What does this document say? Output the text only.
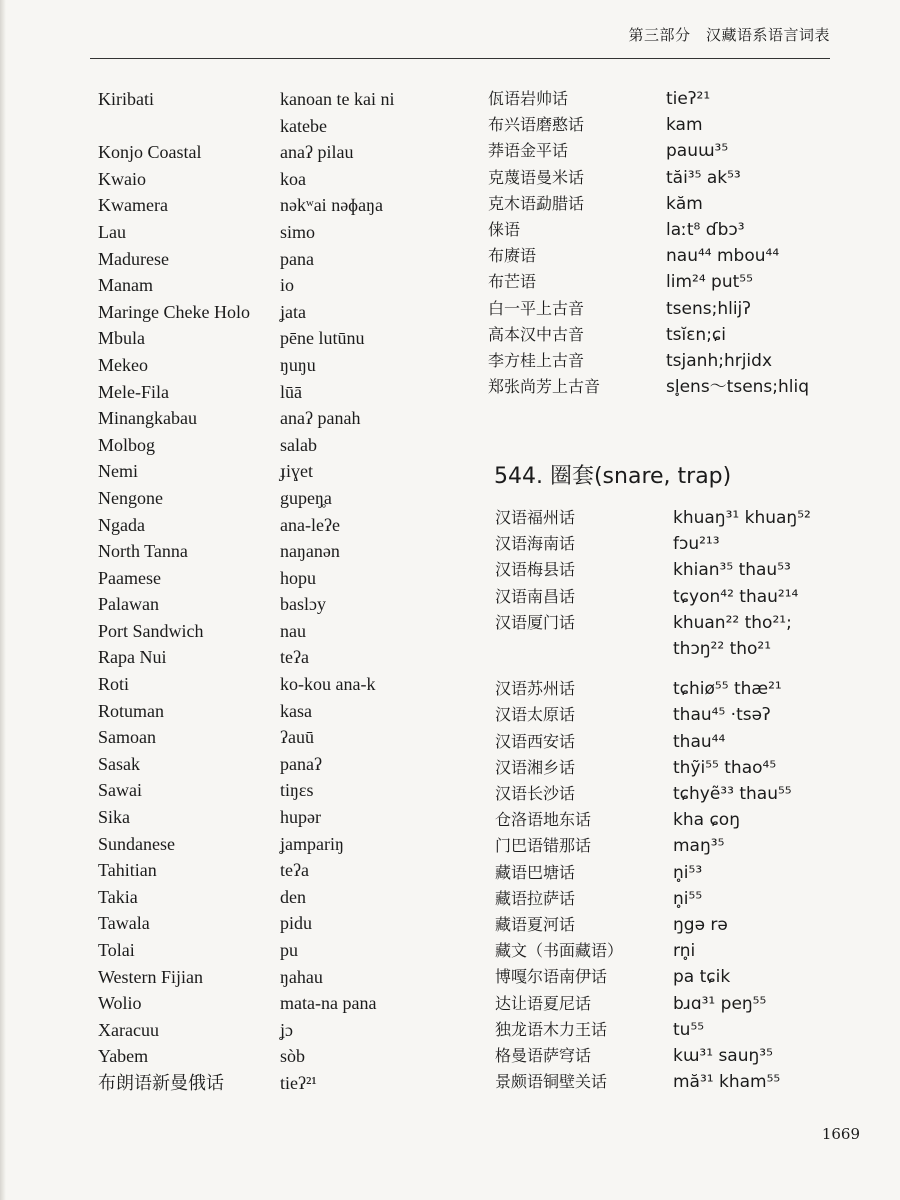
第三部分　汉藏语系语言词表
Kiribati	kanoan te kai ni
katebe
Konjo Coastal	anaʔ pilau
Kwaio	koa
Kwamera	nəkʷai nəɸaŋa
Lau	simo
Madurese	pana
Manam	io
Maringe Cheke Holo	ʝata
Mbula	pēne lutūnu
Mekeo	ŋuŋu
Mele-Fila	lūā
Minangkabau	anaʔ panah
Molbog	salab
Nemi	ɟiɣet
Nengone	gupeŋ̥a
Ngada	ana-leʔe
North Tanna	naŋanən
Paamese	hopu
Palawan	baslɔy
Port Sandwich	nau
Rapa Nui	teʔa
Roti	ko-kou ana-k
Rotuman	kasa
Samoan	ʔauū
Sasak	panaʔ
Sawai	tiŋɛs
Sika	hupər
Sundanese	ʝampariŋ
Tahitian	teʔa
Takia	den
Tawala	pidu
Tolai	pu
Western Fijian	ŋahau
Wolio	mata-na pana
Xaracuu	ʝɔ
Yabem	sòb
布朗语新曼俄话	tieʔ²¹
佤语岩帅话	tieʔ²¹
布兴语磨憨话	kam
莽语金平话	pauɯ³⁵
克蔑语曼米话	tăi³⁵ ak⁵³
克木语勐腊话	kăm
俫语	laːt⁸ ɗbɔ³
布赓语	nau⁴⁴ mbou⁴⁴
布芒语	lim²⁴ put⁵⁵
白一平上古音	tsens;hlijʔ
高本汉中古音	tsĭɛn;ɕi
李方桂上古音	tsjanh;hrjidx
郑张尚芳上古音	sl̥ens～tsens;hliq
544. 圈套(snare, trap)
汉语福州话	khuaŋ³¹ khuaŋ⁵²
汉语海南话	fɔu²¹³
汉语梅县话	khian³⁵ thau⁵³
汉语南昌话	tɕyon⁴² thau²¹⁴
汉语厦门话	khuan²² tho²¹;
thɔŋ²² tho²¹
汉语苏州话	tɕhiø⁵⁵ thæ²¹
汉语太原话	thau⁴⁵ ·tsəʔ
汉语西安话	thau⁴⁴
汉语湘乡话	thỹi⁵⁵ thao⁴⁵
汉语长沙话	tɕhyẽ³³ thau⁵⁵
仓洛语地东话	kha ɕoŋ
门巴语错那话	maŋ³⁵
藏语巴塘话	n̥i⁵³
藏语拉萨话	n̥i⁵⁵
藏语夏河话	ŋgə rə
藏文（书面藏语）	rn̥i
博嘎尔语南伊话	pa tɕik
达让语夏尼话	bɹɑ³¹ peŋ⁵⁵
独龙语木力王话	tu⁵⁵
格曼语萨穹话	kɯ³¹ sauŋ³⁵
景颇语铜壁关话	mă³¹ kham⁵⁵
1669
